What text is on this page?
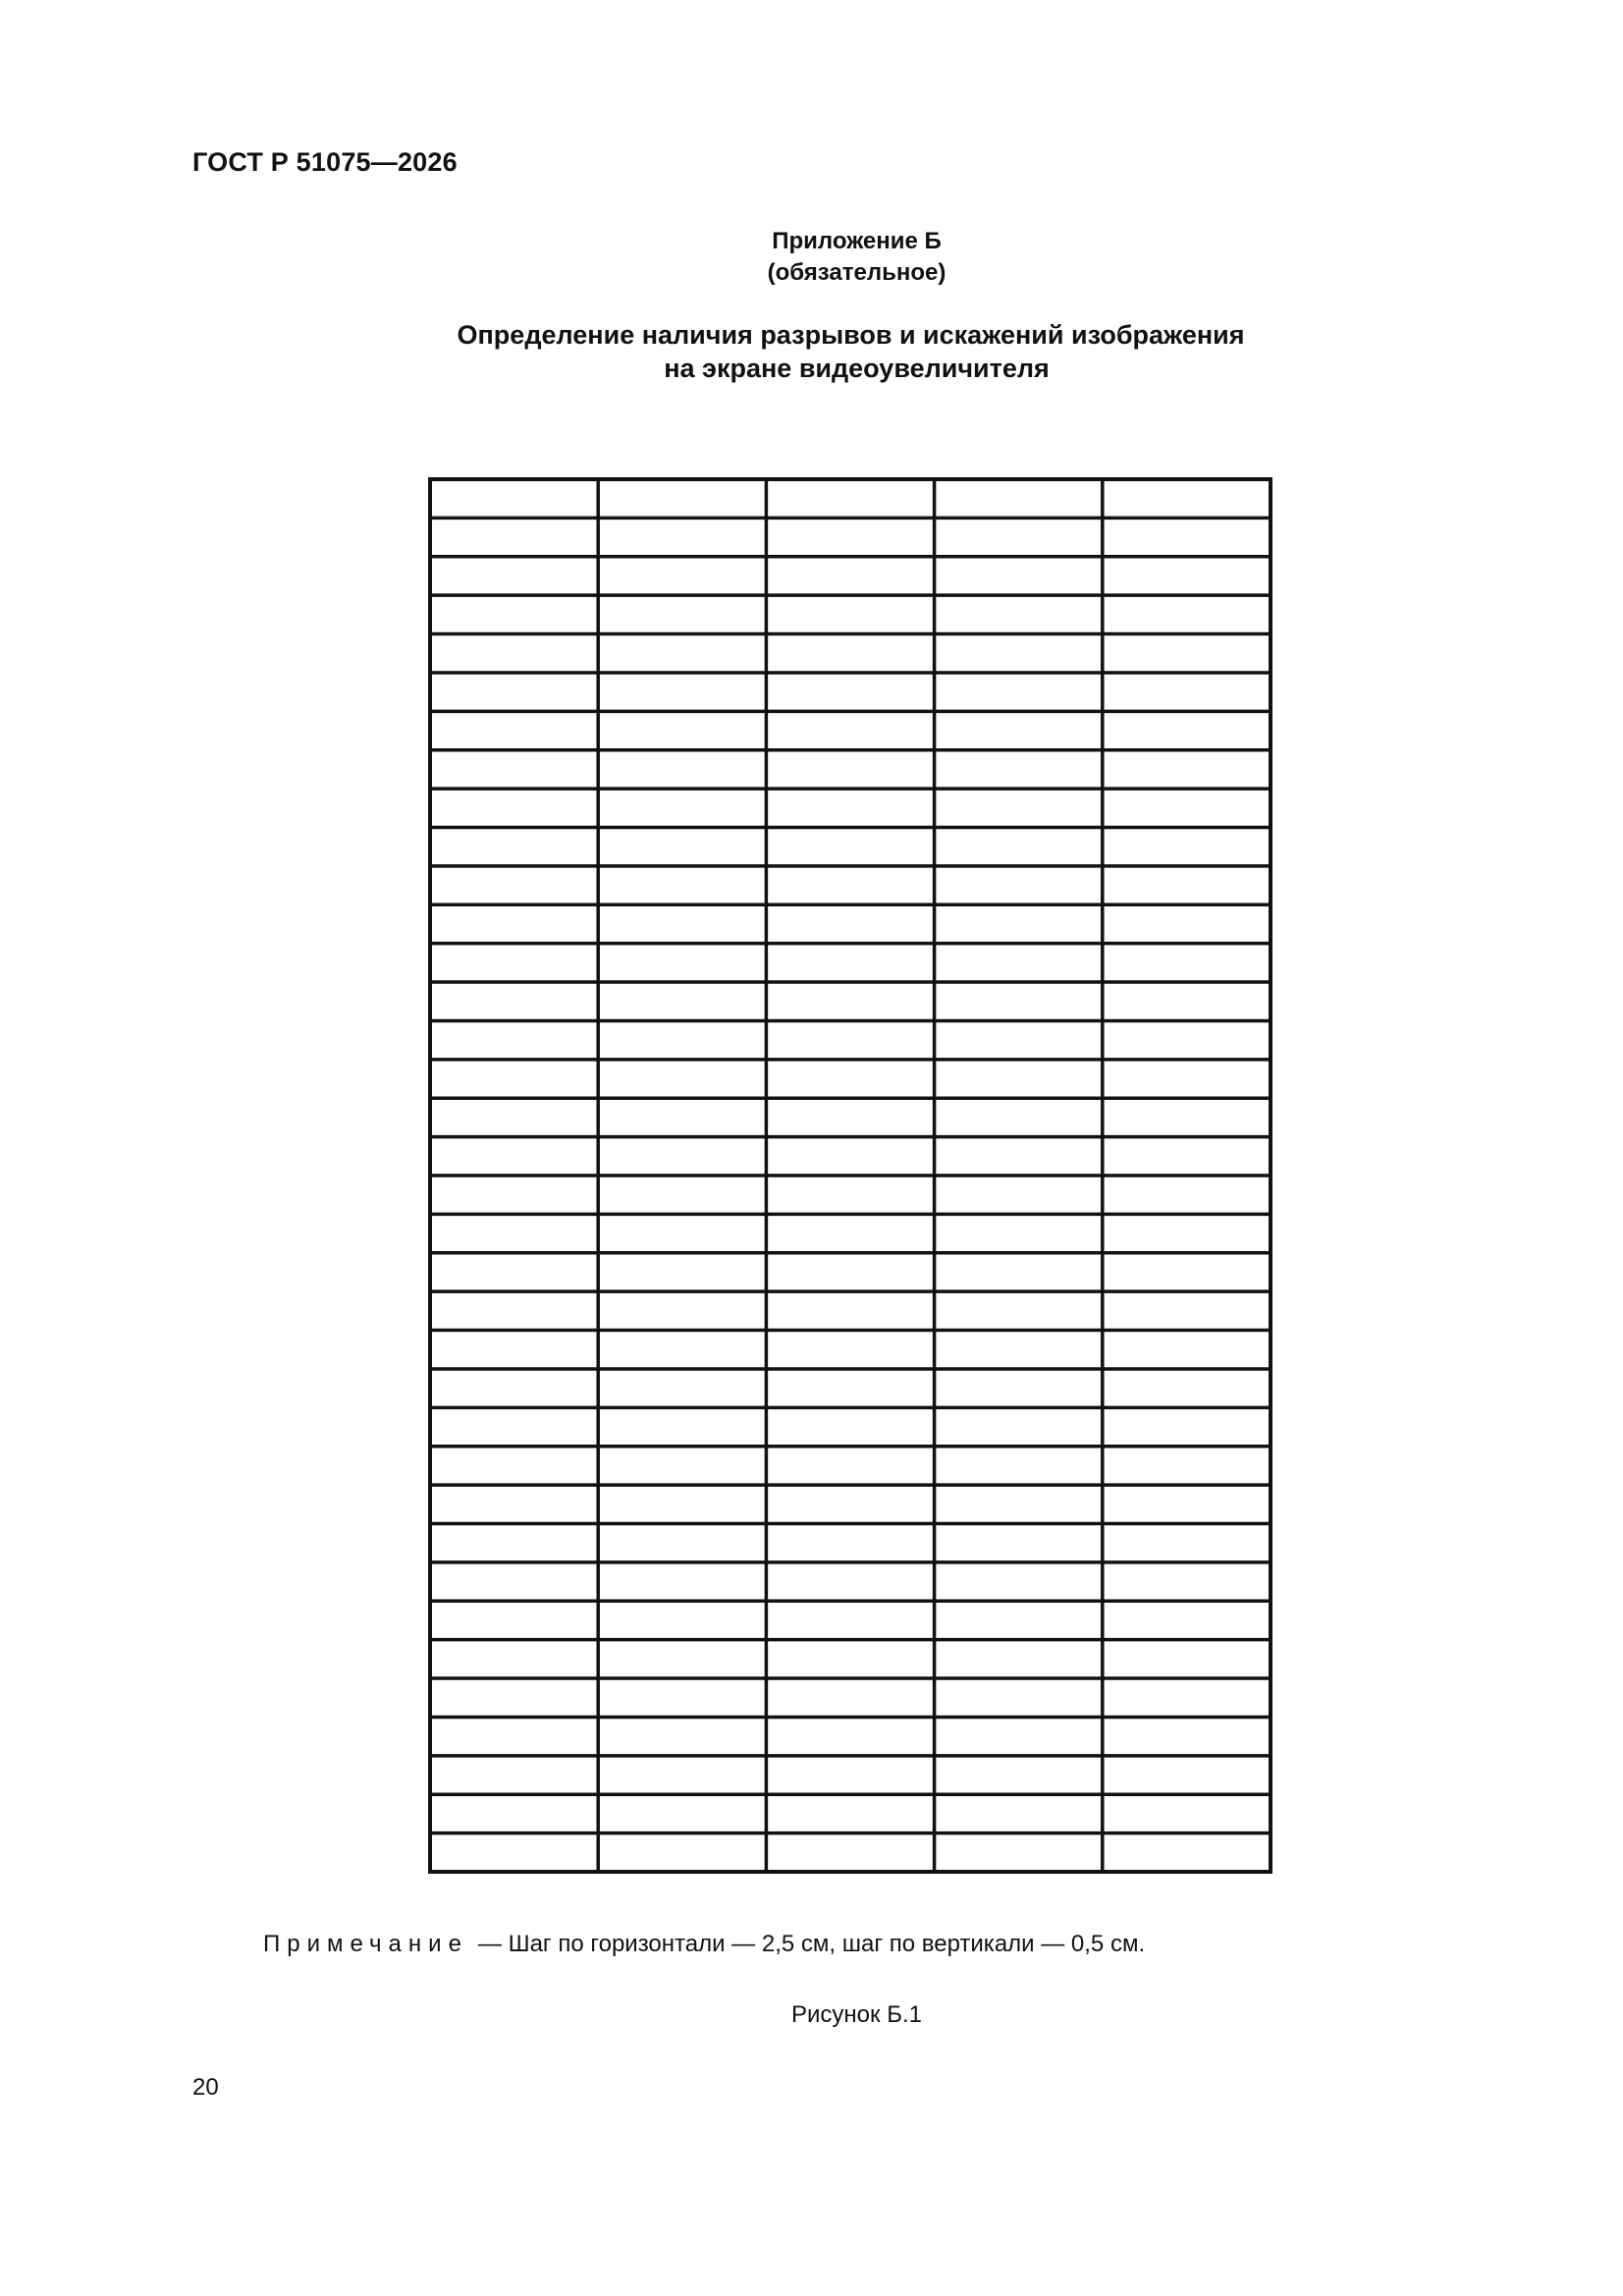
ГОСТ Р 51075—2026
Приложение Б
(обязательное)
Определение наличия разрывов и искажений изображения
на экране видеоувеличителя
Примечание — Шаг по горизонтали — 2,5 см, шаг по вертикали — 0,5 см.
Рисунок Б.1
20
